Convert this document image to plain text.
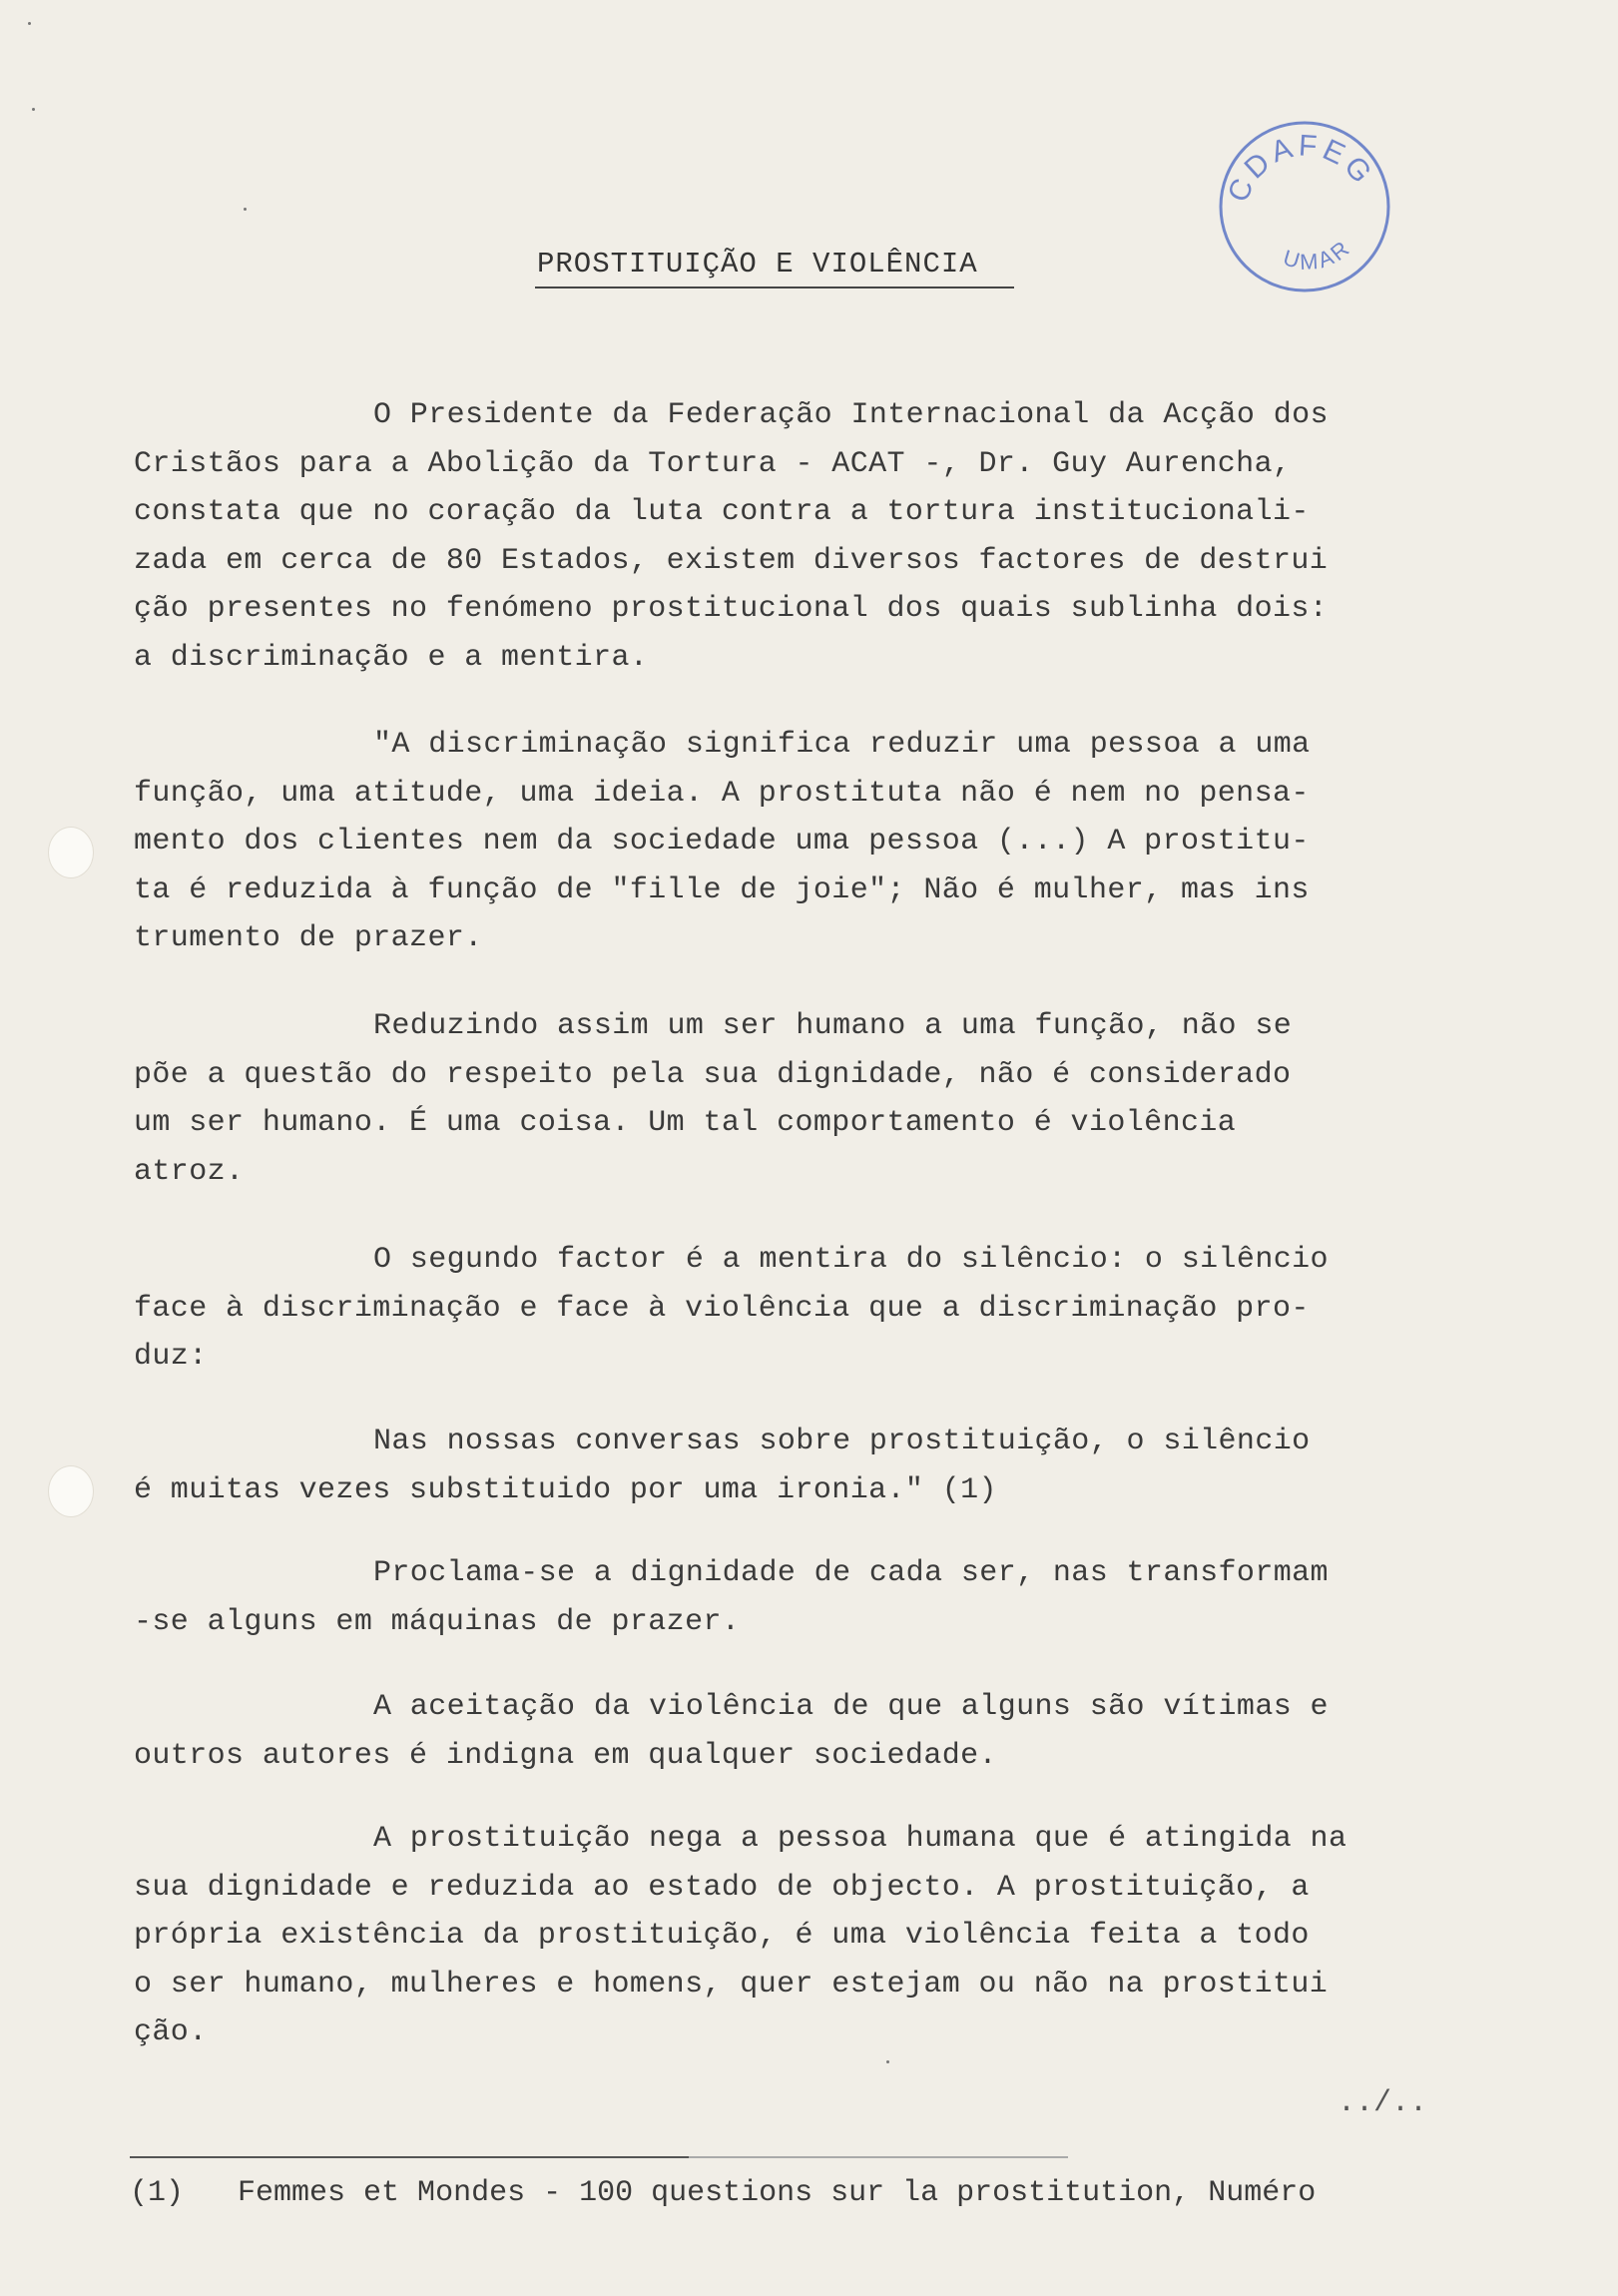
CDAFEG
UMAR
PROSTITUIÇÃO E VIOLÊNCIA
O Presidente da Federação Internacional da Acção dos
Cristãos para a Abolição da Tortura - ACAT -, Dr. Guy Aurencha,
constata que no coração da luta contra a tortura institucionali-
zada em cerca de 80 Estados, existem diversos factores de destrui
ção presentes no fenómeno prostitucional dos quais sublinha dois:
a discriminação e a mentira.
"A discriminação significa reduzir uma pessoa a uma
função, uma atitude, uma ideia. A prostituta não é nem no pensa-
mento dos clientes nem da sociedade uma pessoa (...) A prostitu-
ta é reduzida à função de "fille de joie"; Não é mulher, mas ins
trumento de prazer.
Reduzindo assim um ser humano a uma função, não se
põe a questão do respeito pela sua dignidade, não é considerado
um ser humano. É uma coisa. Um tal comportamento é violência
atroz.
O segundo factor é a mentira do silêncio: o silêncio
face à discriminação e face à violência que a discriminação pro-
duz:
Nas nossas conversas sobre prostituição, o silêncio
é muitas vezes substituido por uma ironia." (1)
Proclama-se a dignidade de cada ser, nas transformam
-se alguns em máquinas de prazer.
A aceitação da violência de que alguns são vítimas e
outros autores é indigna em qualquer sociedade.
A prostituição nega a pessoa humana que é atingida na
sua dignidade e reduzida ao estado de objecto. A prostituição, a
própria existência da prostituição, é uma violência feita a todo
o ser humano, mulheres e homens, quer estejam ou não na prostitui
ção.
../..
(1) Femmes et Mondes - 100 questions sur la prostitution, Numéro
